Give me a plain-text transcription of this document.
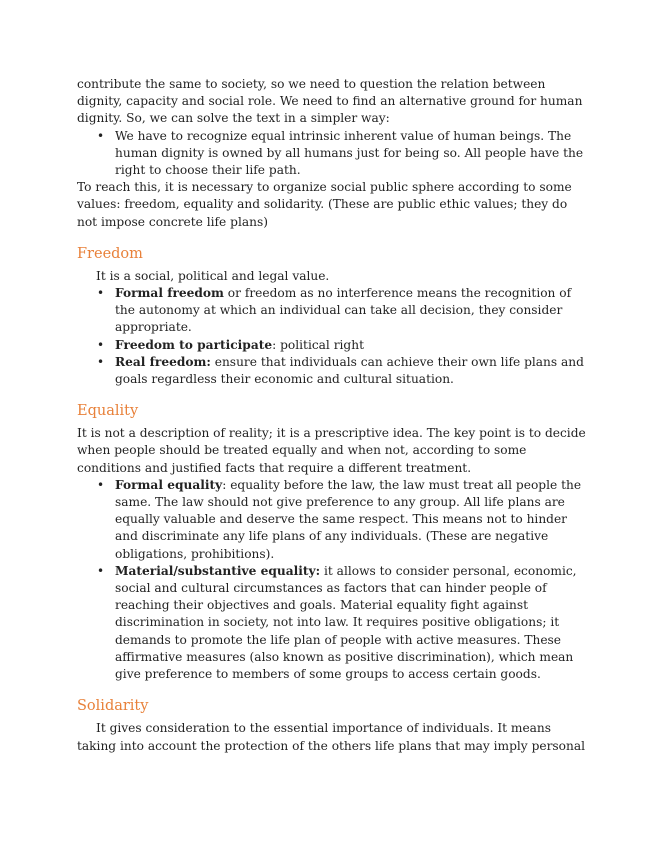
contribute the same to society, so we need to question the relation between dignity, capacity and social role. We need to find an alternative ground for human dignity. So, we can solve the text in a simpler way:

• We have to recognize equal intrinsic inherent value of human beings. The human dignity is owned by all humans just for being so. All people have the right to choose their life path.

To reach this, it is necessary to organize social public sphere according to some values: freedom, equality and solidarity. (These are public ethic values; they do not impose concrete life plans)

Freedom

It is a social, political and legal value.

• Formal freedom or freedom as no interference means the recognition of the autonomy at which an individual can take all decision, they consider appropriate.
• Freedom to participate: political right
• Real freedom: ensure that individuals can achieve their own life plans and goals regardless their economic and cultural situation.
Equality

It is not a description of reality; it is a prescriptive idea. The key point is to decide when people should be treated equally and when not, according to some conditions and justified facts that require a different treatment.

• Formal equality: equality before the law, the law must treat all people the same. The law should not give preference to any group. All life plans are equally valuable and deserve the same respect. This means not to hinder and discriminate any life plans of any individuals. (These are negative obligations, prohibitions).
• Material/substantive equality: it allows to consider personal, economic, social and cultural circumstances as factors that can hinder people of reaching their objectives and goals. Material equality fight against discrimination in society, not into law. It requires positive obligations; it demands to promote the life plan of people with active measures. These affirmative measures (also known as positive discrimination), which mean give preference to members of some groups to access certain goods.
Solidarity

It gives consideration to the essential importance of individuals. It means taking into account the protection of the others life plans that may imply personal
